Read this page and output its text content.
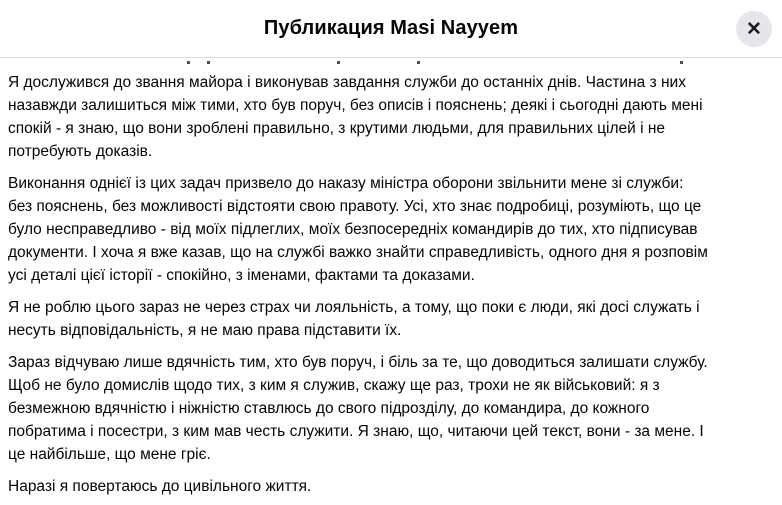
Публикация Masi Nayyem	✕

Я дослужився до звання майора і виконував завдання служби до останніх днів. Частина з них
назавжди залишиться між тими, хто був поруч, без описів і пояснень; деякі і сьогодні дають мені
спокій - я знаю, що вони зроблені правильно, з крутими людьми, для правильних цілей і не
потребують доказів.

Виконання однієї із цих задач призвело до наказу міністра оборони звільнити мене зі служби:
без пояснень, без можливості відстояти свою правоту. Усі, хто знає подробиці, розуміють, що це
було несправедливо - від моїх підлеглих, моїх безпосередніх командирів до тих, хто підписував
документи. І хоча я вже казав, що на службі важко знайти справедливість, одного дня я розповім
усі деталі цієї історії - спокійно, з іменами, фактами та доказами.

Я не роблю цього зараз не через страх чи лояльність, а тому, що поки є люди, які досі служать і
несуть відповідальність, я не маю права підставити їх.

Зараз відчуваю лише вдячність тим, хто був поруч, і біль за те, що доводиться залишати службу.
Щоб не було домислів щодо тих, з ким я служив, скажу ще раз, трохи не як військовий: я з
безмежною вдячністю і ніжністю ставлюсь до свого підрозділу, до командира, до кожного
побратима і посестри, з ким мав честь служити. Я знаю, що, читаючи цей текст, вони - за мене. І
це найбільше, що мене гріє.

Наразі я повертаюсь до цивільного життя.
